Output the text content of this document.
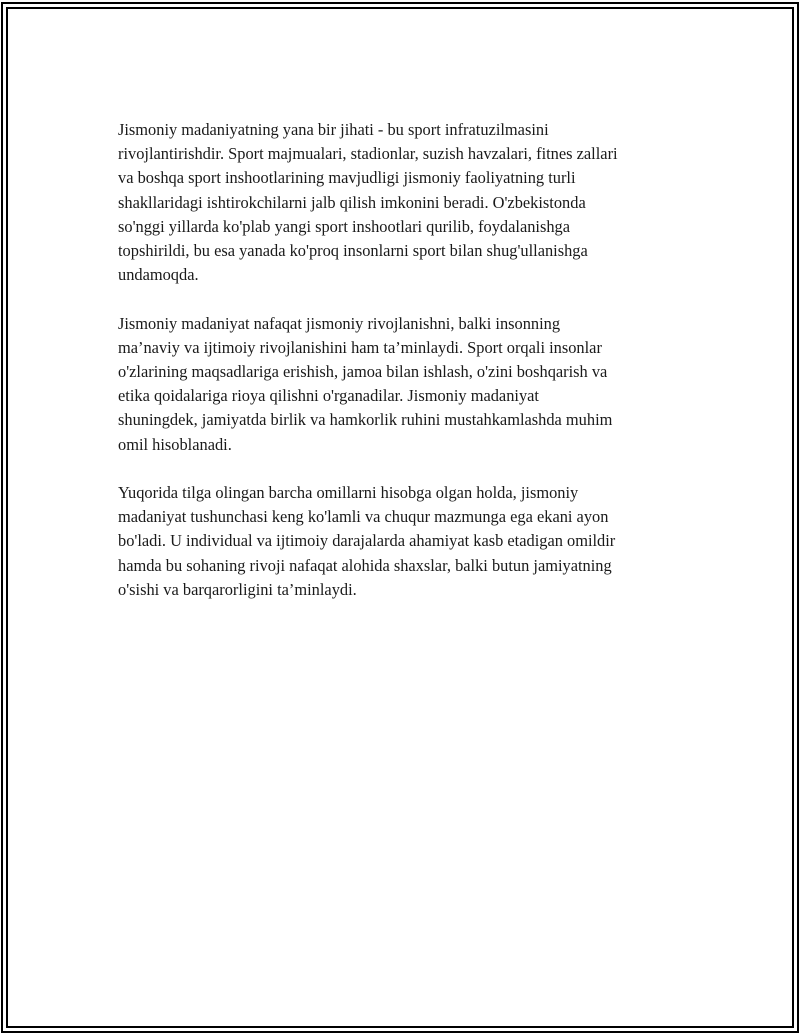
Jismoniy madaniyatning yana bir jihati - bu sport infratuzilmasini
rivojlantirishdir. Sport majmualari, stadionlar, suzish havzalari, fitnes zallari
va boshqa sport inshootlarining mavjudligi jismoniy faoliyatning turli
shakllaridagi ishtirokchilarni jalb qilish imkonini beradi. O'zbekistonda
so'nggi yillarda ko'plab yangi sport inshootlari qurilib, foydalanishga
topshirildi, bu esa yanada ko'proq insonlarni sport bilan shug'ullanishga
undamoqda.

Jismoniy madaniyat nafaqat jismoniy rivojlanishni, balki insonning
ma’naviy va ijtimoiy rivojlanishini ham ta’minlaydi. Sport orqali insonlar
o'zlarining maqsadlariga erishish, jamoa bilan ishlash, o'zini boshqarish va
etika qoidalariga rioya qilishni o'rganadilar. Jismoniy madaniyat
shuningdek, jamiyatda birlik va hamkorlik ruhini mustahkamlashda muhim
omil hisoblanadi.

Yuqorida tilga olingan barcha omillarni hisobga olgan holda, jismoniy
madaniyat tushunchasi keng ko'lamli va chuqur mazmunga ega ekani ayon
bo'ladi. U individual va ijtimoiy darajalarda ahamiyat kasb etadigan omildir
hamda bu sohaning rivoji nafaqat alohida shaxslar, balki butun jamiyatning
o'sishi va barqarorligini ta’minlaydi.
